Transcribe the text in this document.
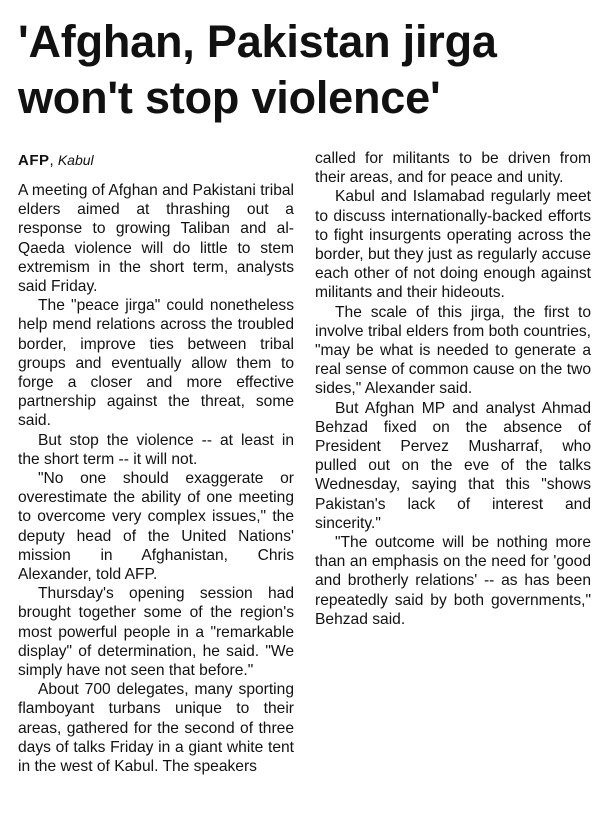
'Afghan, Pakistan jirga
won't stop violence'
AFP, Kabul

A meeting of Afghan and Pakistani tribal elders aimed at thrashing out a response to growing Taliban and al-Qaeda violence will do little to stem extremism in the short term, analysts said Friday.

The "peace jirga" could nonetheless help mend relations across the troubled border, improve ties between tribal groups and eventually allow them to forge a closer and more effective partnership against the threat, some said.

But stop the violence -- at least in the short term -- it will not.

"No one should exaggerate or overestimate the ability of one meeting to overcome very complex issues," the deputy head of the United Nations' mission in Afghanistan, Chris Alexander, told AFP.

Thursday's opening session had brought together some of the region's most powerful people in a "remarkable display" of determination, he said. "We simply have not seen that before."

About 700 delegates, many sporting flamboyant turbans unique to their areas, gathered for the second of three days of talks Friday in a giant white tent in the west of Kabul. The speakers

called for militants to be driven from their areas, and for peace and unity.

Kabul and Islamabad regularly meet to discuss internationally-backed efforts to fight insurgents operating across the border, but they just as regularly accuse each other of not doing enough against militants and their hideouts.

The scale of this jirga, the first to involve tribal elders from both countries, "may be what is needed to generate a real sense of common cause on the two sides," Alexander said.

But Afghan MP and analyst Ahmad Behzad fixed on the absence of President Pervez Musharraf, who pulled out on the eve of the talks Wednesday, saying that this "shows Pakistan's lack of interest and sincerity."

"The outcome will be nothing more than an emphasis on the need for 'good and brotherly relations' -- as has been repeatedly said by both governments," Behzad said.
